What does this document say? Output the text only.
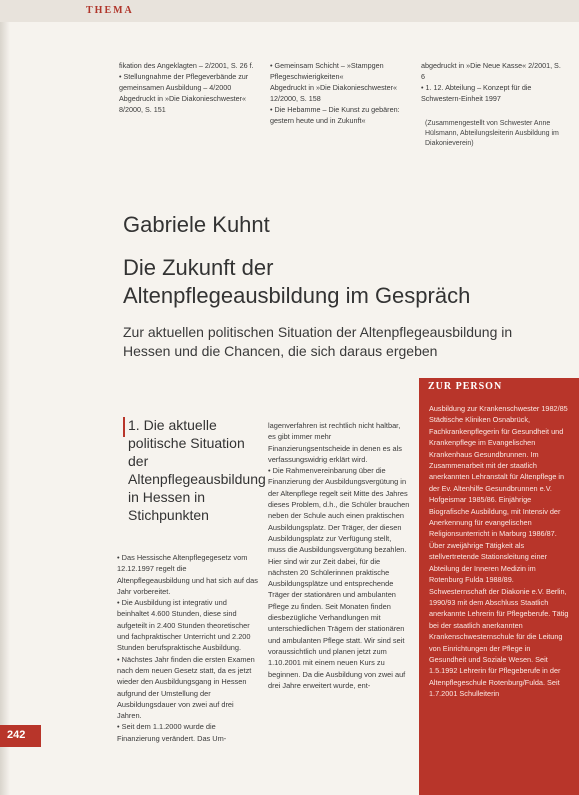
THEMA

fikation des Angeklagten – 2/2001, S. 26 f.

• Stellungnahme der Pflegeverbände zur gemeinsamen Ausbildung – 4/2000

Abgedruckt in »Die Diakonieschwester« 8/2000, S. 151

• Gemeinsam Schicht – »Stampgen Pflegeschwierigkeiten«

Abgedruckt in »Die Diakonieschwester« 12/2000, S. 158

• Die Hebamme – Die Kunst zu gebären: gestern heute und in Zukunft«

abgedruckt in »Die Neue Kasse« 2/2001, S. 6

• 1. 12. Abteilung – Konzept für die Schwestern-Einheit 1997

(Zusammengestellt von Schwester Anne Hülsmann, Abteilungsleiterin Ausbildung im Diakonieverein)
Gabriele Kuhnt
Die Zukunft der
Altenpflegeausbildung im Gespräch

Zur aktuellen politischen Situation der Altenpflegeausbildung in Hessen und die Chancen, die sich daraus ergeben

1. Die aktuelle politische Situation der Altenpflegeausbildung in Hessen in Stichpunkten

• Das Hessische Altenpflegegesetz vom 12.12.1997 regelt die Altenpflegeausbildung und hat sich auf das Jahr vorbereitet.

• Die Ausbildung ist integrativ und beinhaltet 4.600 Stunden, diese sind aufgeteilt in 2.400 Stunden theoretischer und fachpraktischer Unterricht und 2.200 Stunden berufspraktische Ausbildung.

• Nächstes Jahr finden die ersten Examen nach dem neuen Gesetz statt, da es jetzt wieder den Ausbildungsgang in Hessen aufgrund der Umstellung der Ausbildungsdauer von zwei auf drei Jahren.

• Seit dem 1.1.2000 wurde die Finanzierung verändert. Das Um-

lagenverfahren ist rechtlich nicht haltbar, es gibt immer mehr Finanzierungsentscheide in denen es als verfassungswidrig erklärt wird.

• Die Rahmenvereinbarung über die Finanzierung der Ausbildungsvergütung in der Altenpflege regelt seit Mitte des Jahres dieses Problem, d.h., die Schüler brauchen neben der Schule auch einen praktischen Ausbildungsplatz. Der Träger, der diesen Ausbildungsplatz zur Verfügung stellt, muss die Ausbildungsvergütung bezahlen. Hier sind wir zur Zeit dabei, für die nächsten 20 Schülerinnen praktische Ausbildungsplätze und entsprechende Träger der stationären und ambulanten Pflege zu finden. Seit Monaten finden diesbezügliche Verhandlungen mit unterschiedlichen Trägern der stationären und ambulanten Pflege statt. Wir sind seit voraussichtlich und planen jetzt zum 1.10.2001 mit einem neuen Kurs zu beginnen. Da die Ausbildung von zwei auf drei Jahre erweitert wurde, ent-

ZUR PERSON
Ausbildung zur Krankenschwester 1982/85 Städtische Kliniken Osnabrück, Fachkrankenpflegerin für Gesundheit und Krankenpflege im Evangelischen Krankenhaus Gesundbrunnen. Im Zusammenarbeit mit der staatlich anerkannten Lehranstalt für Altenpflege in der Ev. Altenhilfe Gesundbrunnen e.V. Hofgeismar 1985/86. Einjährige Biografische Ausbildung, mit Intensiv der Anerkennung für evangelischen Religionsunterricht in Marburg 1986/87. Über zweijährige Tätigkeit als stellvertretende Stationsleitung einer Abteilung der Inneren Medizin im Rotenburg Fulda 1988/89. Schwesternschaft der Diakonie e.V. Berlin, 1990/93 mit dem Abschluss Staatlich anerkannte Lehrerin für Pflegeberufe. Tätig bei der staatlich anerkannten Krankenschwesternschule für die Leitung von Einrichtungen der Pflege in Gesundheit und Soziale Wesen. Seit 1.5.1992 Lehrerin für Pflegeberufe in der Altenpflegeschule Rotenburg/Fulda. Seit 1.7.2001 Schulleiterin
242
